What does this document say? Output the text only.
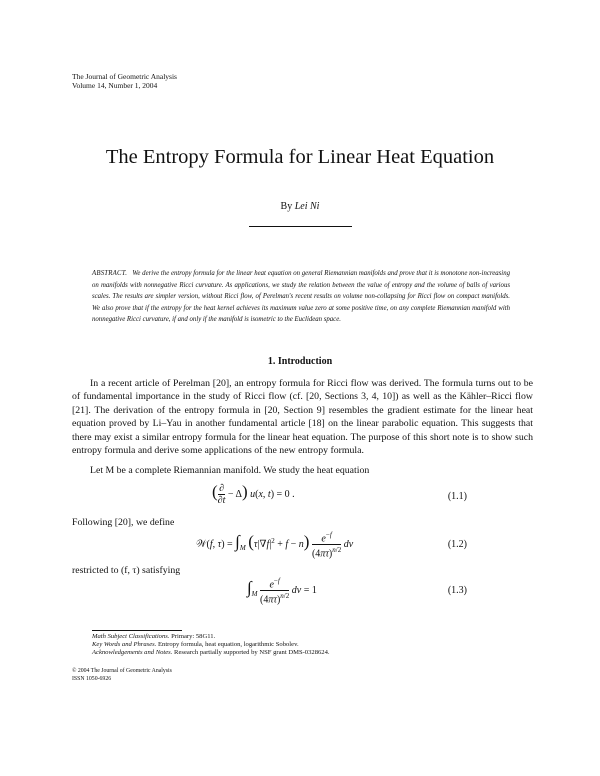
The Journal of Geometric Analysis
Volume 14, Number 1, 2004
The Entropy Formula for Linear Heat Equation
By Lei Ni
ABSTRACT. We derive the entropy formula for the linear heat equation on general Riemannian manifolds and prove that it is monotone non-increasing on manifolds with nonnegative Ricci curvature. As applications, we study the relation between the value of entropy and the volume of balls of various scales. The results are simpler version, without Ricci flow, of Perelman's recent results on volume non-collapsing for Ricci flow on compact manifolds. We also prove that if the entropy for the heat kernel achieves its maximum value zero at some positive time, on any complete Riemannian manifold with nonnegative Ricci curvature, if and only if the manifold is isometric to the Euclidean space.
1. Introduction
In a recent article of Perelman [20], an entropy formula for Ricci flow was derived. The formula turns out to be of fundamental importance in the study of Ricci flow (cf. [20, Sections 3, 4, 10]) as well as the Kähler–Ricci flow [21]. The derivation of the entropy formula in [20, Section 9] resembles the gradient estimate for the linear heat equation proved by Li–Yau in another fundamental article [18] on the linear parabolic equation. This suggests that there may exist a similar entropy formula for the linear heat equation. The purpose of this short note is to show such entropy formula and derive some applications of the new entropy formula.
Let M be a complete Riemannian manifold. We study the heat equation
( $\frac{\partial}{\partial t} - \Delta$) u(x, t) = 0 .	(1.1)
Following [20], we define
𝒲(f, $\tau) = \int_M$ $(\tau|\nabla f|^2 + f - n) \frac{e^{-f}}{(4\pi\tau)^{n/2}}$ dv	(1.2)
restricted to (f, τ) satisfying
$\int_M \frac{e^{-f}}{(4\pi\tau)^{n/2}}$ dv = 1	(1.3)
Math Subject Classifications. Primary: 58G11.
Key Words and Phrases. Entropy formula, heat equation, logarithmic Sobolev.
Acknowledgements and Notes. Research partially supported by NSF grant DMS-0328624.
© 2004 The Journal of Geometric Analysis
ISSN 1050-6926
